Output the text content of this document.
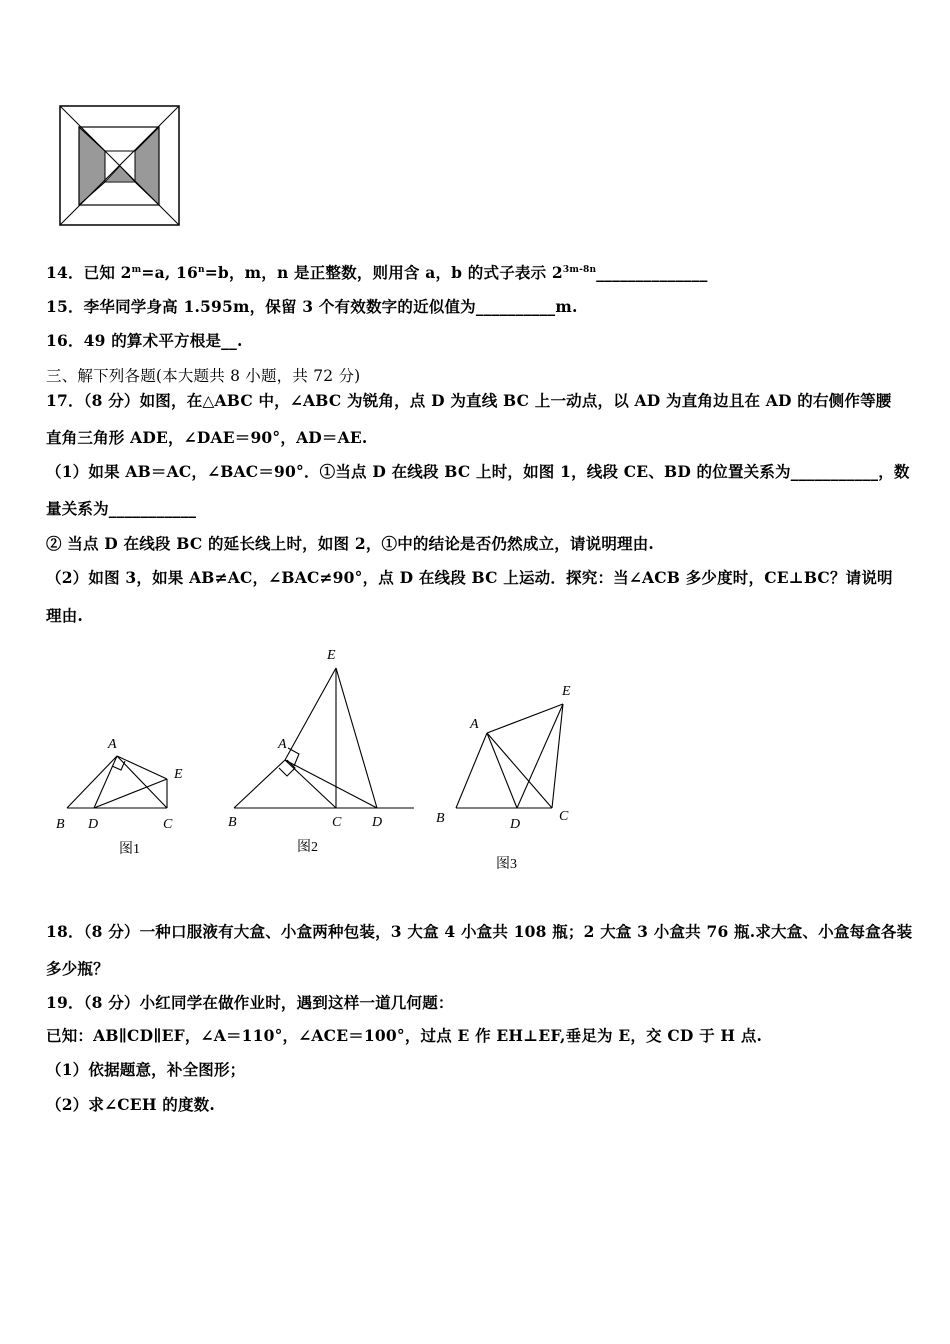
14．已知 $2^m=a$, $16^n=b$，m，n 是正整数，则用含 a，b 的式子表示 $2^{3m-8n}\_\_\_\_\_\_\_\_\_\_\_\_\_\_$
15．李华同学身高 1.595m，保留 3 个有效数字的近似值为__________m.
16．49 的算术平方根是__.
三、解下列各题(本大题共 8 小题，共 72 分)
17．（8 分）如图，在△ABC 中，∠ABC 为锐角，点 D 为直线 BC 上一动点，以 AD 为直角边且在 AD 的右侧作等腰
直角三角形 ADE，∠DAE＝90°，AD＝AE.
（1）如果 AB＝AC，∠BAC＝90°．①当点 D 在线段 BC 上时，如图 1，线段 CE、BD 的位置关系为___________，数
量关系为___________
② 当点 D 在线段 BC 的延长线上时，如图 2，①中的结论是否仍然成立，请说明理由.
（2）如图 3，如果 AB≠AC，∠BAC≠90°，点 D 在线段 BC 上运动．探究：当∠ACB 多少度时，CE⊥BC？请说明
理由.
A
B D	C
E
图1
E
A
B	C D
图2
A
E
B	D
C
图3
18．（8 分）一种口服液有大盒、小盒两种包装，3 大盒 4 小盒共 108 瓶；2 大盒 3 小盒共 76 瓶.求大盒、小盒每盒各装
多少瓶？
19．（8 分）小红同学在做作业时，遇到这样一道几何题：
已知：AB∥CD∥EF，∠A＝110°，∠ACE＝100°，过点 E 作 EH⊥EF,垂足为 E，交 CD 于 H 点.
（1）依据题意，补全图形；
（2）求∠CEH 的度数.
